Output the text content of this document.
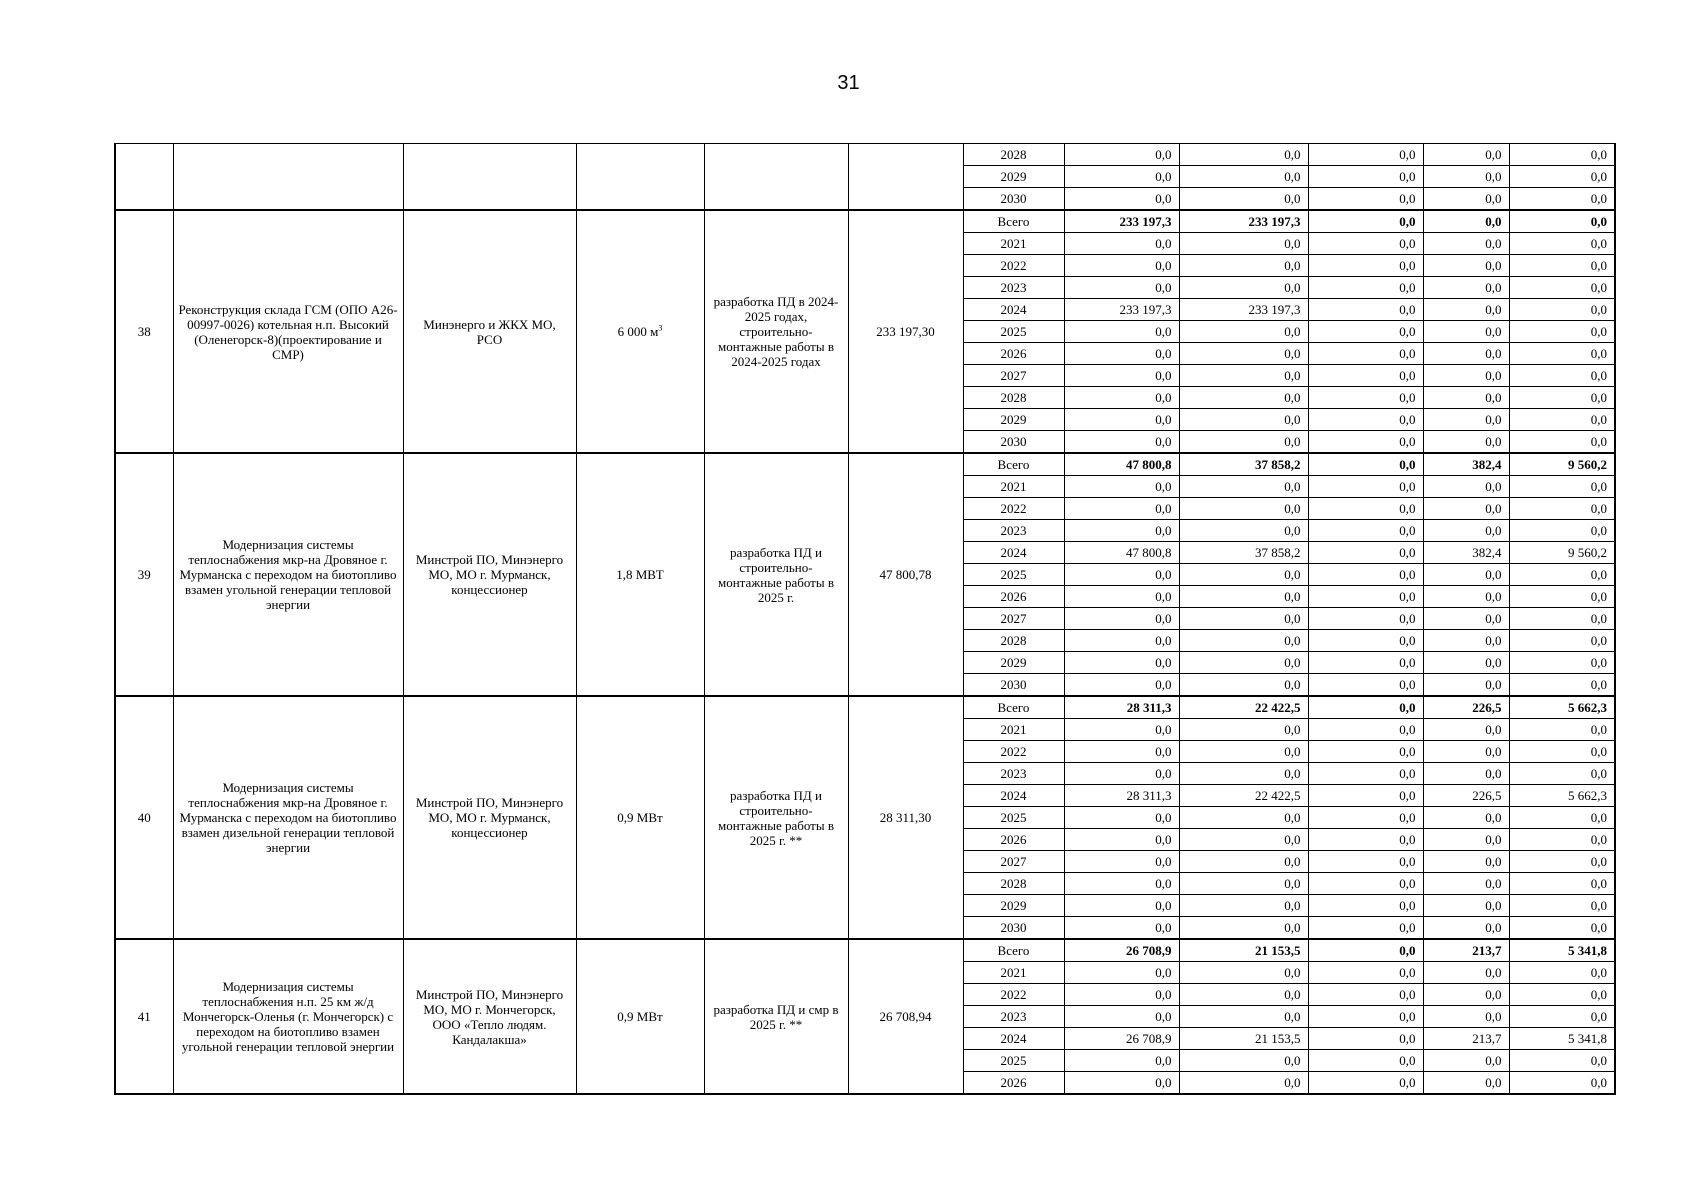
31
						2028	0,0	0,0	0,0	0,0	0,0
						2029	0,0	0,0	0,0	0,0	0,0
						2030	0,0	0,0	0,0	0,0	0,0
38	Реконструкция склада ГСМ (ОПО А26-00997-0026) котельная н.п. Высокий (Оленегорск-8)(проектирование и СМР)	Минэнерго и ЖКХ МО, РСО	6 000 $м^3$	разработка ПД в 2024-2025 годах, строительно-монтажные работы в 2024-2025 годах	233 197,30	Всего	233 197,3	233 197,3	0,0	0,0	0,0
						2021	0,0	0,0	0,0	0,0	0,0
						2022	0,0	0,0	0,0	0,0	0,0
						2023	0,0	0,0	0,0	0,0	0,0
						2024	233 197,3	233 197,3	0,0	0,0	0,0
						2025	0,0	0,0	0,0	0,0	0,0
						2026	0,0	0,0	0,0	0,0	0,0
						2027	0,0	0,0	0,0	0,0	0,0
						2028	0,0	0,0	0,0	0,0	0,0
						2029	0,0	0,0	0,0	0,0	0,0
						2030	0,0	0,0	0,0	0,0	0,0
39	Модернизация системы теплоснабжения мкр-на Дровяное г. Мурманска с переходом на биотопливо взамен угольной генерации тепловой энергии	Минстрой ПО, Минэнерго МО, МО г. Мурманск, концессионер	1,8 МВТ	разработка ПД и строительно-монтажные работы в 2025 г.	47 800,78	Всего	47 800,8	37 858,2	0,0	382,4	9 560,2
						2021	0,0	0,0	0,0	0,0	0,0
						2022	0,0	0,0	0,0	0,0	0,0
						2023	0,0	0,0	0,0	0,0	0,0
						2024	47 800,8	37 858,2	0,0	382,4	9 560,2
						2025	0,0	0,0	0,0	0,0	0,0
						2026	0,0	0,0	0,0	0,0	0,0
						2027	0,0	0,0	0,0	0,0	0,0
						2028	0,0	0,0	0,0	0,0	0,0
						2029	0,0	0,0	0,0	0,0	0,0
						2030	0,0	0,0	0,0	0,0	0,0
40	Модернизация системы теплоснабжения мкр-на Дровяное г. Мурманска с переходом на биотопливо взамен дизельной генерации тепловой энергии	Минстрой ПО, Минэнерго МО, МО г. Мурманск, концессионер	0,9 МВт	разработка ПД и строительно-монтажные работы в 2025 г. **	28 311,30	Всего	28 311,3	22 422,5	0,0	226,5	5 662,3
						2021	0,0	0,0	0,0	0,0	0,0
						2022	0,0	0,0	0,0	0,0	0,0
						2023	0,0	0,0	0,0	0,0	0,0
						2024	28 311,3	22 422,5	0,0	226,5	5 662,3
						2025	0,0	0,0	0,0	0,0	0,0
						2026	0,0	0,0	0,0	0,0	0,0
						2027	0,0	0,0	0,0	0,0	0,0
						2028	0,0	0,0	0,0	0,0	0,0
						2029	0,0	0,0	0,0	0,0	0,0
						2030	0,0	0,0	0,0	0,0	0,0
41	Модернизация системы теплоснабжения н.п. 25 км ж/д Мончегорск-Оленья (г. Мончегорск) с переходом на биотопливо взамен угольной генерации тепловой энергии	Минстрой ПО, Минэнерго МО, МО г. Мончегорск, ООО «Тепло людям. Кандалакша»	0,9 МВт	разработка ПД и смр в 2025 г. **	26 708,94	Всего	26 708,9	21 153,5	0,0	213,7	5 341,8
						2021	0,0	0,0	0,0	0,0	0,0
						2022	0,0	0,0	0,0	0,0	0,0
						2023	0,0	0,0	0,0	0,0	0,0
						2024	26 708,9	21 153,5	0,0	213,7	5 341,8
						2025	0,0	0,0	0,0	0,0	0,0
						2026	0,0	0,0	0,0	0,0	0,0
